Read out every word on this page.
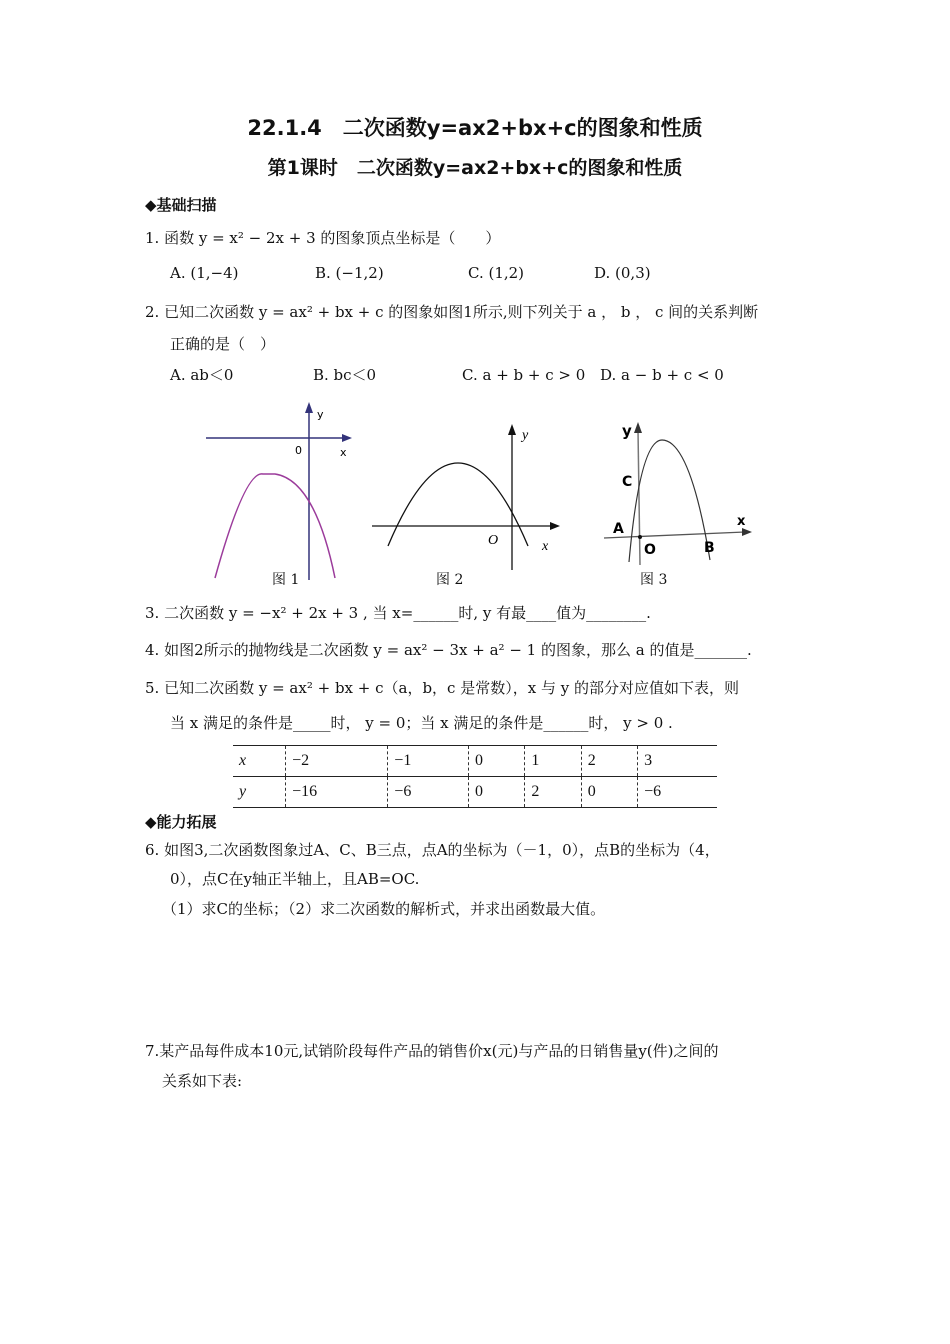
22.1.4　二次函数y=ax2+bx+c的图象和性质
第1课时　二次函数y=ax2+bx+c的图象和性质
◆基础扫描
1. 函数 y = x² − 2x + 3 的图象顶点坐标是（　　）
A. (1,−4)	B. (−1,2)	C. (1,2)	D. (0,3)
2. 已知二次函数 y = ax² + bx + c 的图象如图1所示,则下列关于 a ， b ， c 间的关系判断
正确的是（　）
A. ab＜0	B. bc＜0	C. a + b + c > 0 D. a − b + c < 0
0	x
y
图 1
O	x
y
图 2
y
x
C
A
O	B
图 3
3. 二次函数 y = −x² + 2x + 3 , 当 x=______时, y 有最____值为________.
4. 如图2所示的抛物线是二次函数 y = ax² − 3x + a² − 1 的图象，那么 a 的值是_______.
5. 已知二次函数 y = ax² + bx + c（a，b，c 是常数），x 与 y 的部分对应值如下表，则
当 x 满足的条件是_____时， y = 0；当 x 满足的条件是______时， y > 0 .
x	−2	−1	0	1	2	3
y	−16	−6	0	2	0	−6
◆能力拓展
6. 如图3,二次函数图象过A、C、B三点，点A的坐标为（－1，0），点B的坐标为（4，
0），点C在y轴正半轴上，且AB=OC.
（1）求C的坐标；（2）求二次函数的解析式，并求出函数最大值。
7.某产品每件成本10元,试销阶段每件产品的销售价x(元)与产品的日销售量y(件)之间的
关系如下表:
